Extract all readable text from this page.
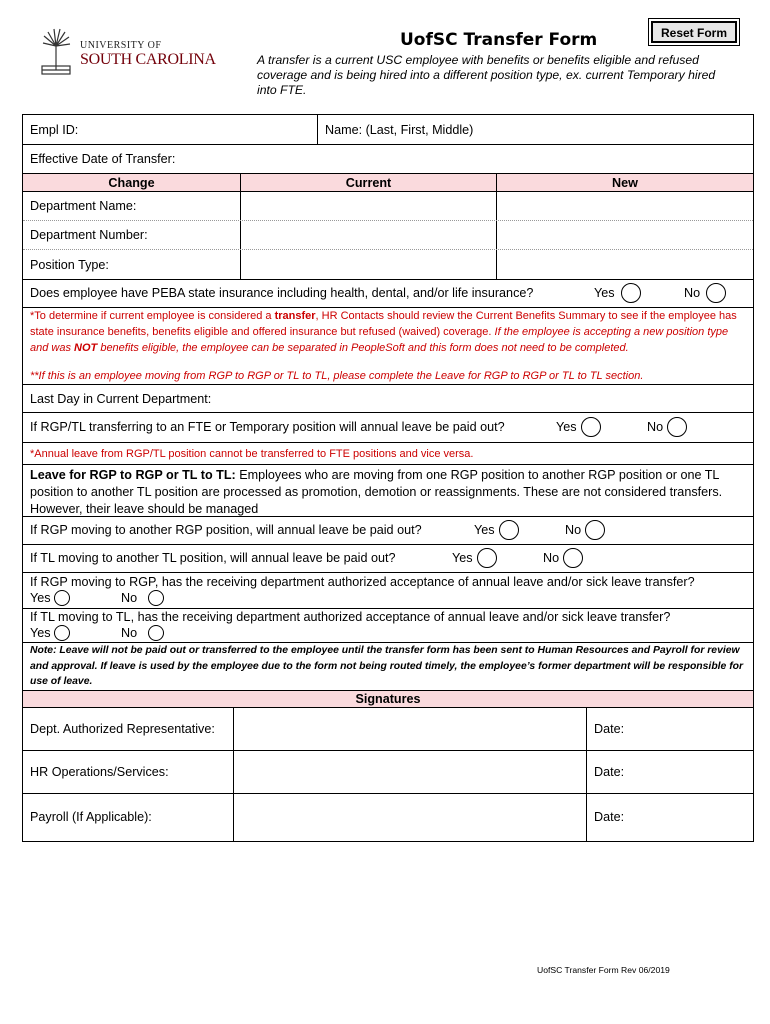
UNIVERSITY OF
SOUTH CAROLINA
UofSC Transfer Form
A transfer is a current USC employee with benefits or benefits eligible and refused coverage and is being hired into a different position type, ex. current Temporary hired into FTE.
Reset Form
Empl ID:	Name: (Last, First, Middle)
Effective Date of Transfer:
Change	Current	New
Department Name:
Department Number:
Position Type:
Does employee have PEBA state insurance including health, dental, and/or life insurance?	Yes	No
*To determine if current employee is considered a transfer, HR Contacts should review the Current Benefits Summary to see if the employee has state insurance benefits, benefits eligible and offered insurance but refused (waived) coverage. If the employee is accepting a new position type and was NOT benefits eligible, the employee can be separated in PeopleSoft and this form does not need to be completed.
**If this is an employee moving from RGP to RGP or TL to TL, please complete the Leave for RGP to RGP or TL to TL section.
Last Day in Current Department:
If RGP/TL transferring to an FTE or Temporary position will annual leave be paid out?	Yes	No
*Annual leave from RGP/TL position cannot be transferred to FTE positions and vice versa.
Leave for RGP to RGP or TL to TL: Employees who are moving from one RGP position to another RGP position or one TL position to another TL position are processed as promotion, demotion or reassignments. These are not considered transfers. However, their leave should be managed
If RGP moving to another RGP position, will annual leave be paid out?	Yes	No
If TL moving to another TL position, will annual leave be paid out?	Yes	No
If RGP moving to RGP, has the receiving department authorized acceptance of annual leave and/or sick leave transfer?
Yes	No
If TL moving to TL, has the receiving department authorized acceptance of annual leave and/or sick leave transfer?
Yes	No
Note: Leave will not be paid out or transferred to the employee until the transfer form has been sent to Human Resources and Payroll for review and approval. If leave is used by the employee due to the form not being routed timely, the employee’s former department will be responsible for use of leave.
Signatures
Dept. Authorized Representative:	Date:
HR Operations/Services:	Date:
Payroll (If Applicable):	Date:
UofSC Transfer Form Rev 06/2019
